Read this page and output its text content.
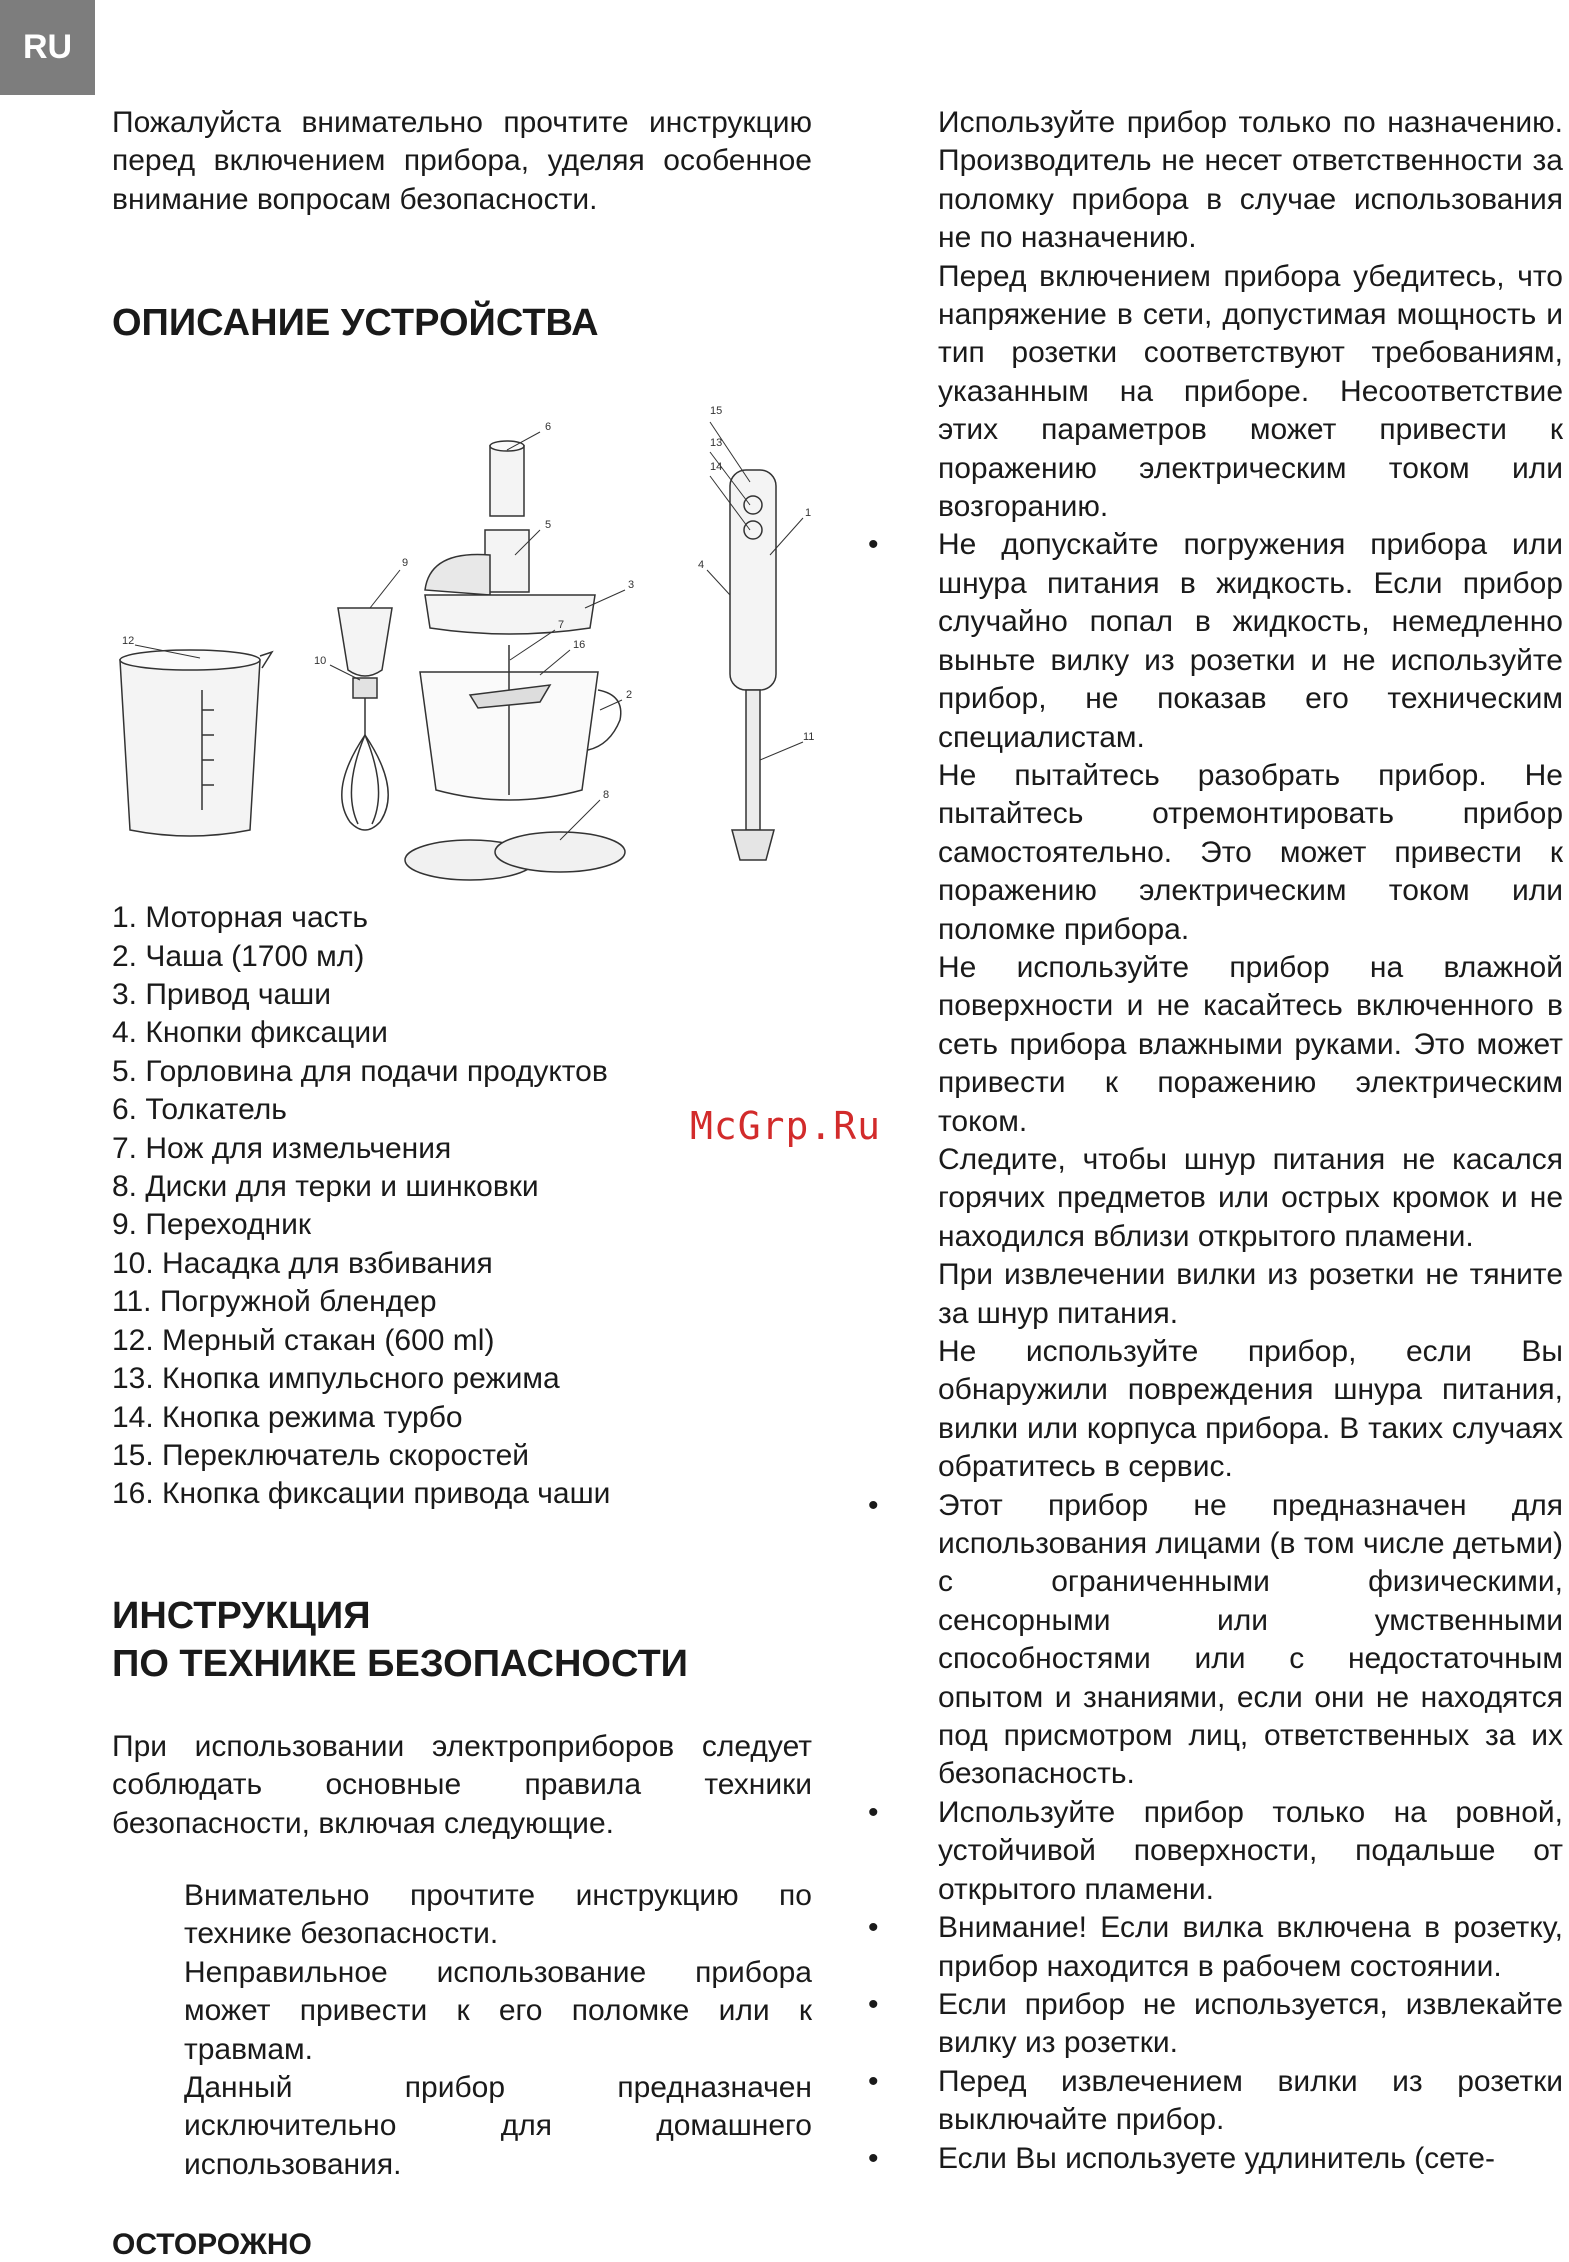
RU

Пожалуйста внимательно прочтите инструкцию перед включением прибора, уделяя особенное внимание вопросам безопасности.

ОПИСАНИЕ УСТРОЙСТВА
1. Моторная часть
2. Чаша (1700 мл)
3. Привод чаши
4. Кнопки фиксации
5. Горловина для подачи продуктов
6. Толкатель
7. Нож для измельчения
8. Диски для терки и шинковки
9. Переходник
10. Насадка для взбивания
11. Погружной блендер
12. Мерный стакан (600 ml)
13. Кнопка импульсного режима
14. Кнопка режима турбо
15. Переключатель скоростей
16. Кнопка фиксации привода чаши
ИНСТРУКЦИЯ
ПО ТЕХНИКЕ БЕЗОПАСНОСТИ

При использовании электроприборов следует соблюдать основные правила техники безопасности, включая следующие.

Внимательно прочтите инструкцию по технике безопасности.

Неправильное использование прибора может привести к его поломке или к травмам.

Данный прибор предназначен исключительно для домашнего использования.

ОСТОРОЖНО

15
13
14
6
5
3
7
16
2
8
9
10
12
1
4
11
McGrp.Ru

Используйте прибор только по назначению. Производитель не несет ответственности за поломку прибора в случае использования не по назначению.

Перед включением прибора убедитесь, что напряжение в сети, допустимая мощность и тип розетки соответствуют требованиям, указанным на приборе. Несоответствие этих параметров может привести к поражению электрическим током или возгоранию.

• Не допускайте погружения прибора или шнура питания в жидкость. Если прибор случайно попал в жидкость, немедленно выньте вилку из розетки и не используйте прибор, не показав его техническим специалистам.

Не пытайтесь разобрать прибор. Не пытайтесь отремонтировать прибор самостоятельно. Это может привести к поражению электрическим током или поломке прибора.

Не используйте прибор на влажной поверхности и не касайтесь включенного в сеть прибора влажными руками. Это может привести к поражению электрическим током.

Следите, чтобы шнур питания не касался горячих предметов или острых кромок и не находился вблизи открытого пламени.

При извлечении вилки из розетки не тяните за шнур питания.

Не используйте прибор, если Вы обнаружили повреждения шнура питания, вилки или корпуса прибора. В таких случаях обратитесь в сервис.

• Этот прибор не предназначен для использования лицами (в том числе детьми) с ограниченными физическими, сенсорными или умственными способностями или с недостаточным опытом и знаниями, если они не находятся под присмотром лиц, ответственных за их безопасность.

• Используйте прибор только на ровной, устойчивой поверхности, подальше от открытого пламени.

• Внимание! Если вилка включена в розетку, прибор находится в рабочем состоянии.

• Если прибор не используется, извлекайте вилку из розетки.

• Перед извлечением вилки из розетки выключайте прибор.

• Если Вы используете удлинитель (сете-
